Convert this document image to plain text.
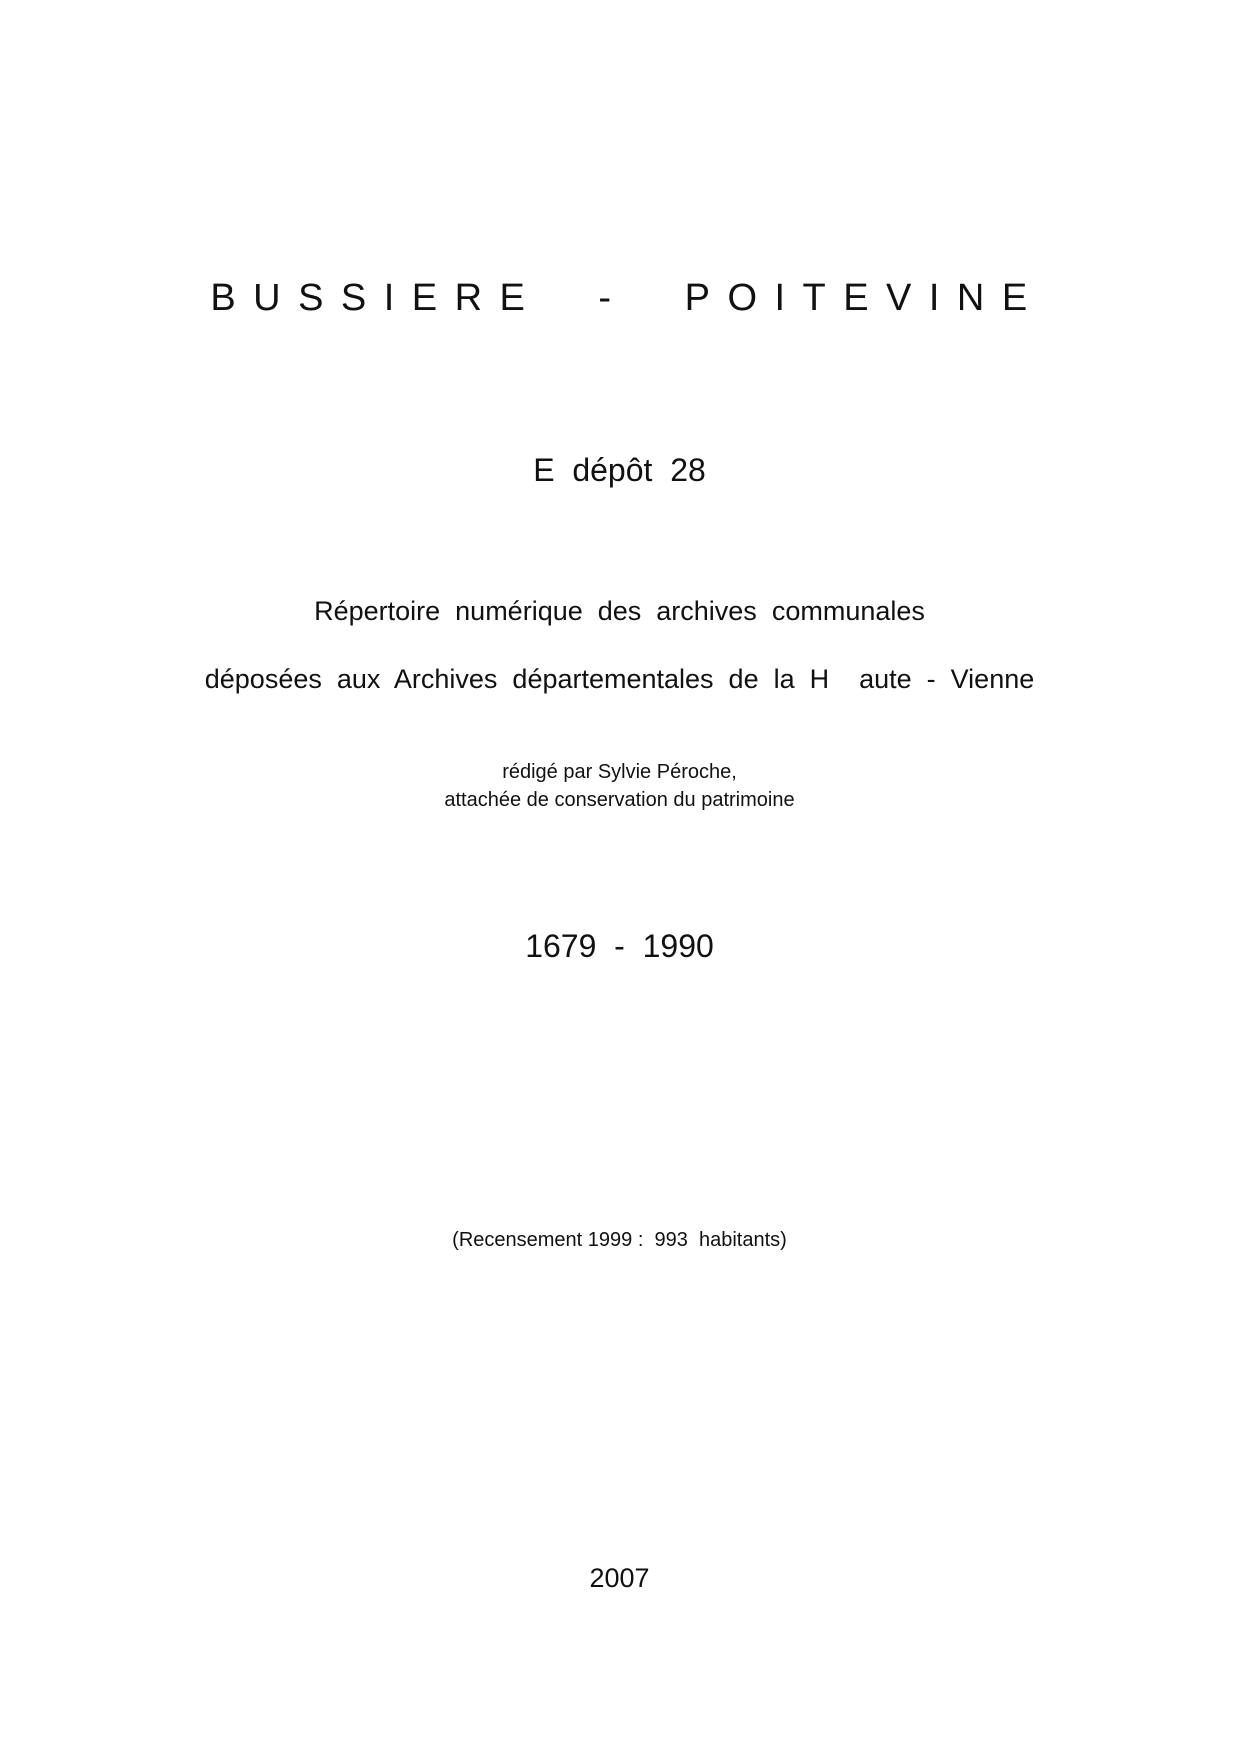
BUSSIERE  -  POITEVINE
E  dépôt  28
Répertoire  numérique  des  archives  communales
déposées  aux  Archives  départementales  de  la  H    aute  -  Vienne
rédigé par Sylvie Péroche,
attachée de conservation du patrimoine
1679  -  1990
(Recensement 1999 :  993  habitants)
2007
